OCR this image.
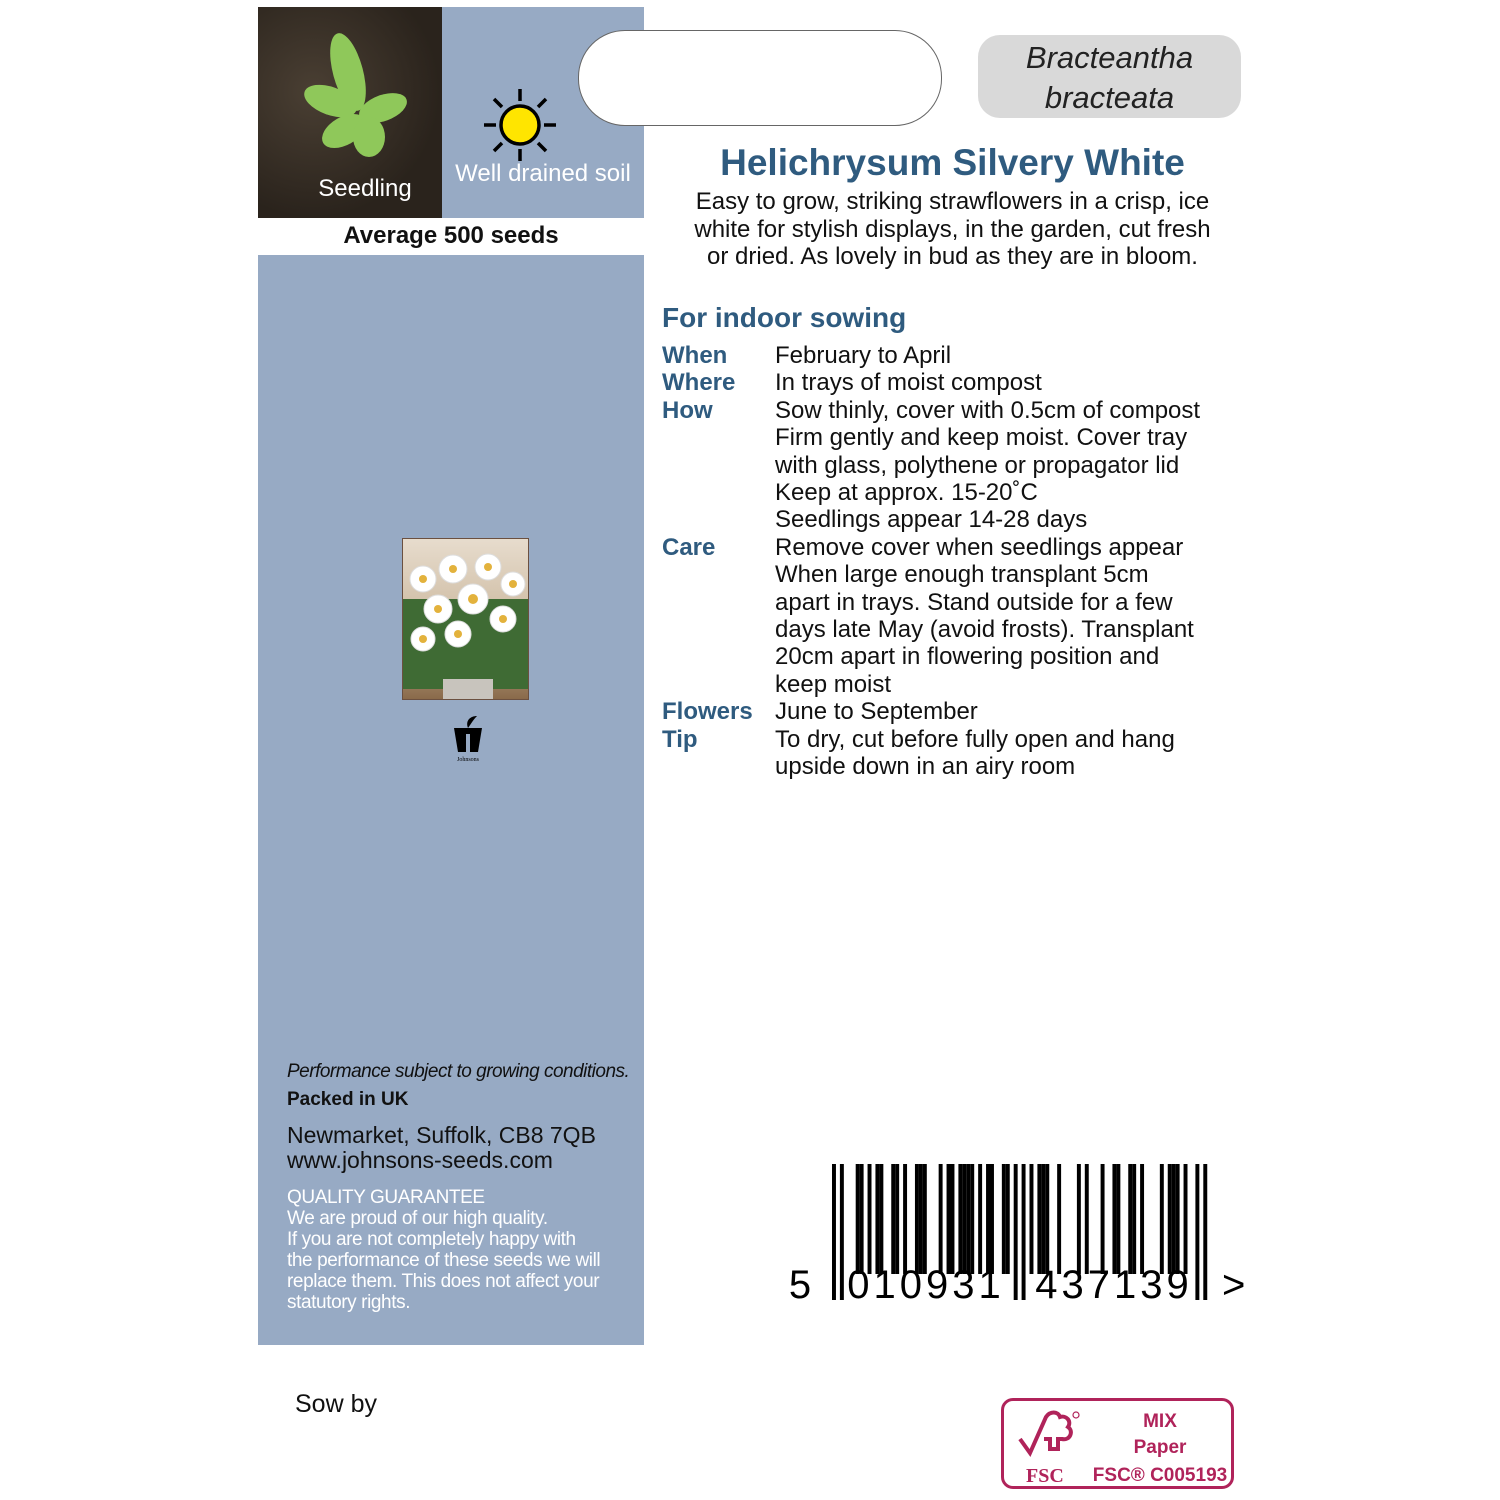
Seedling
Well drained soil
Average 500 seeds
Johnsons
Bracteantha
bracteata
Helichrysum Silvery White
Easy to grow, striking strawflowers in a crisp, ice
white for stylish displays, in the garden, cut fresh
or dried. As lovely in bud as they are in bloom.
For indoor sowing
When	February to April
Where	In trays of moist compost
How	Sow thinly, cover with 0.5cm of compost
Firm gently and keep moist. Cover tray
with glass, polythene or propagator lid
Keep at approx. 15-20˚C
Seedlings appear 14-28 days
Care	Remove cover when seedlings appear
When large enough transplant 5cm
apart in trays. Stand outside for a few
days late May (avoid frosts). Transplant
20cm apart in flowering position and
keep moist
Flowers June to September
Tip	To dry, cut before fully open and hang
upside down in an airy room
Performance subject to growing conditions.
Packed in UK
Newmarket, Suffolk, CB8 7QB
www.johnsons-seeds.com
QUALITY GUARANTEE
We are proud of our high quality.
If you are not completely happy with
the performance of these seeds we will
replace them. This does not affect your
statutory rights.	5 010931 437139 >
Sow by
FSC
MIX
Paper
FSC® C005193
